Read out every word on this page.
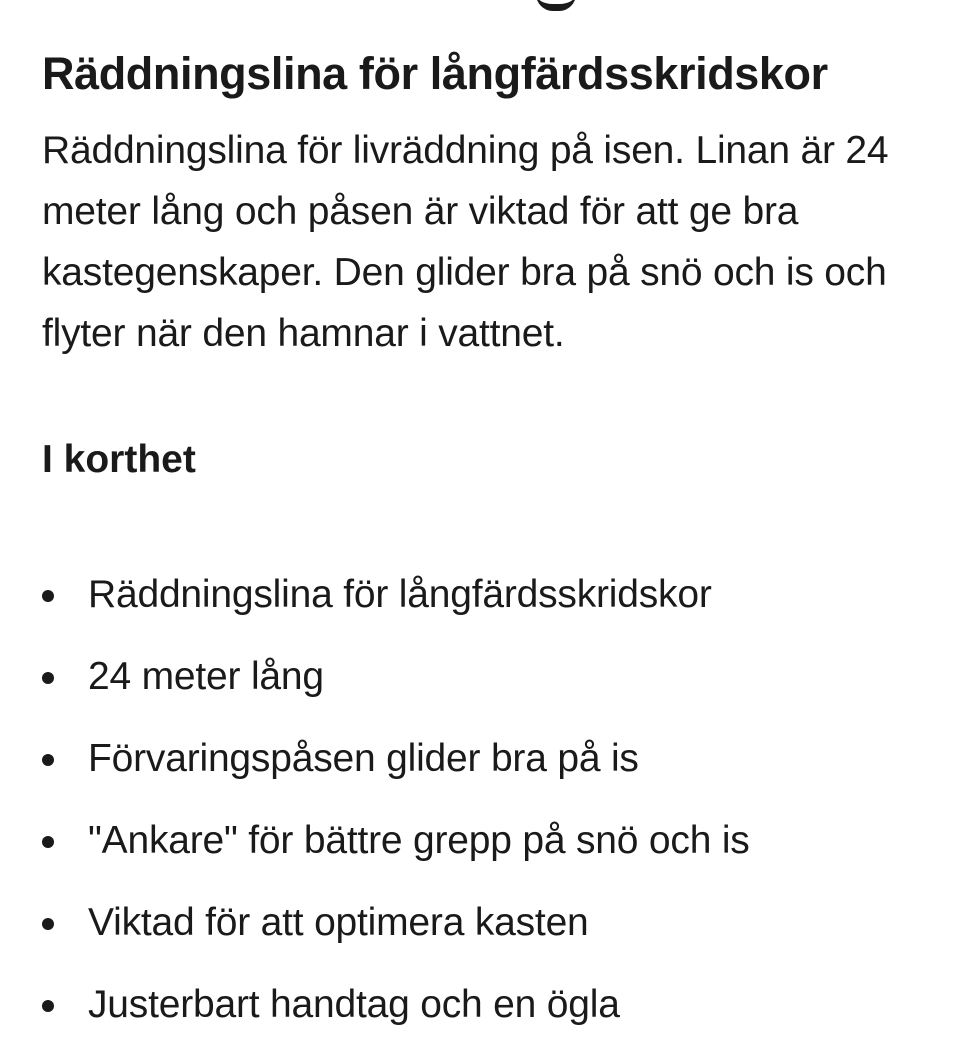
Räddningslina för långfärdsskridskor

Räddningslina för livräddning på isen. Linan är 24 meter lång och påsen är viktad för att ge bra kastegenskaper. Den glider bra på snö och is och flyter när den hamnar i vattnet.

I korthet
Räddningslina för långfärdsskridskor
24 meter lång
Förvaringspåsen glider bra på is
"Ankare" för bättre grepp på snö och is
Viktad för att optimera kasten
Justerbart handtag och en ögla
